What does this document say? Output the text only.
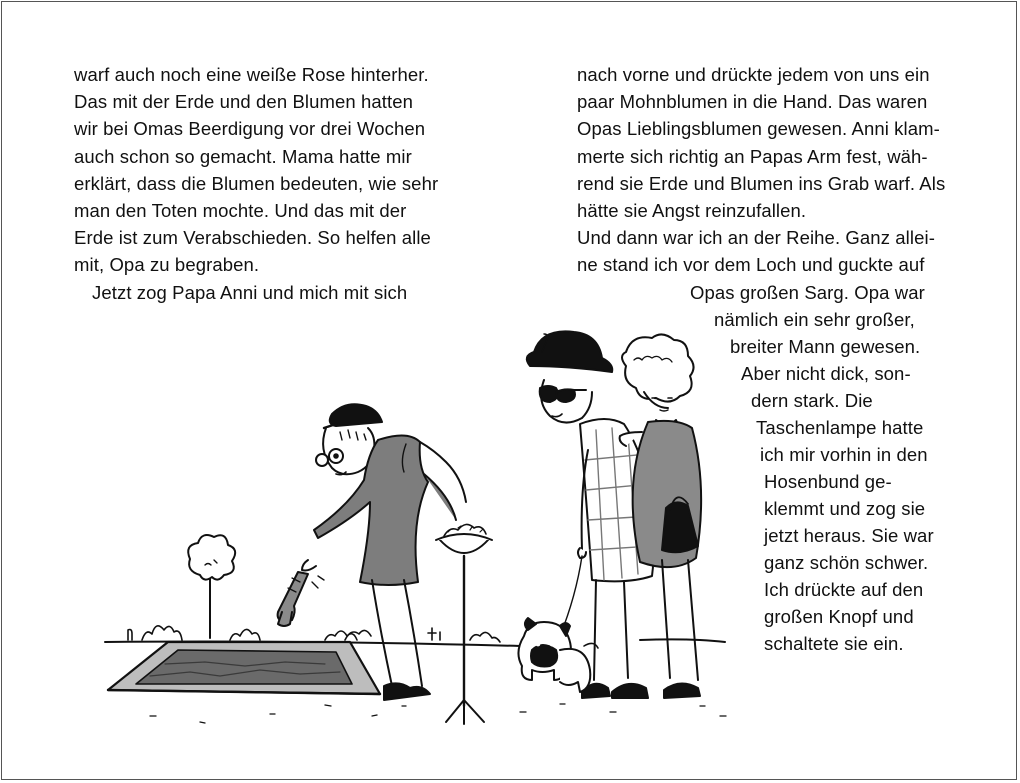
warf auch noch eine weiße Rose hinterher.
Das mit der Erde und den Blumen hatten
wir bei Omas Beerdigung vor drei Wochen
auch schon so gemacht. Mama hatte mir
erklärt, dass die Blumen bedeuten, wie sehr
man den Toten mochte. Und das mit der
Erde ist zum Verabschieden. So helfen alle
mit, Opa zu begraben.
Jetzt zog Papa Anni und mich mit sich
nach vorne und drückte jedem von uns ein
paar Mohnblumen in die Hand. Das waren
Opas Lieblingsblumen gewesen. Anni klam-
merte sich richtig an Papas Arm fest, wäh-
rend sie Erde und Blumen ins Grab warf. Als
hätte sie Angst reinzufallen.
Und dann war ich an der Reihe. Ganz allei-
ne stand ich vor dem Loch und guckte auf
Opas großen Sarg. Opa war
nämlich ein sehr großer,
breiter Mann gewesen.
Aber nicht dick, son-
dern stark. Die
Taschenlampe hatte
ich mir vorhin in den
Hosenbund ge-
klemmt und zog sie
jetzt heraus. Sie war
ganz schön schwer.
Ich drückte auf den
großen Knopf und
schaltete sie ein.
